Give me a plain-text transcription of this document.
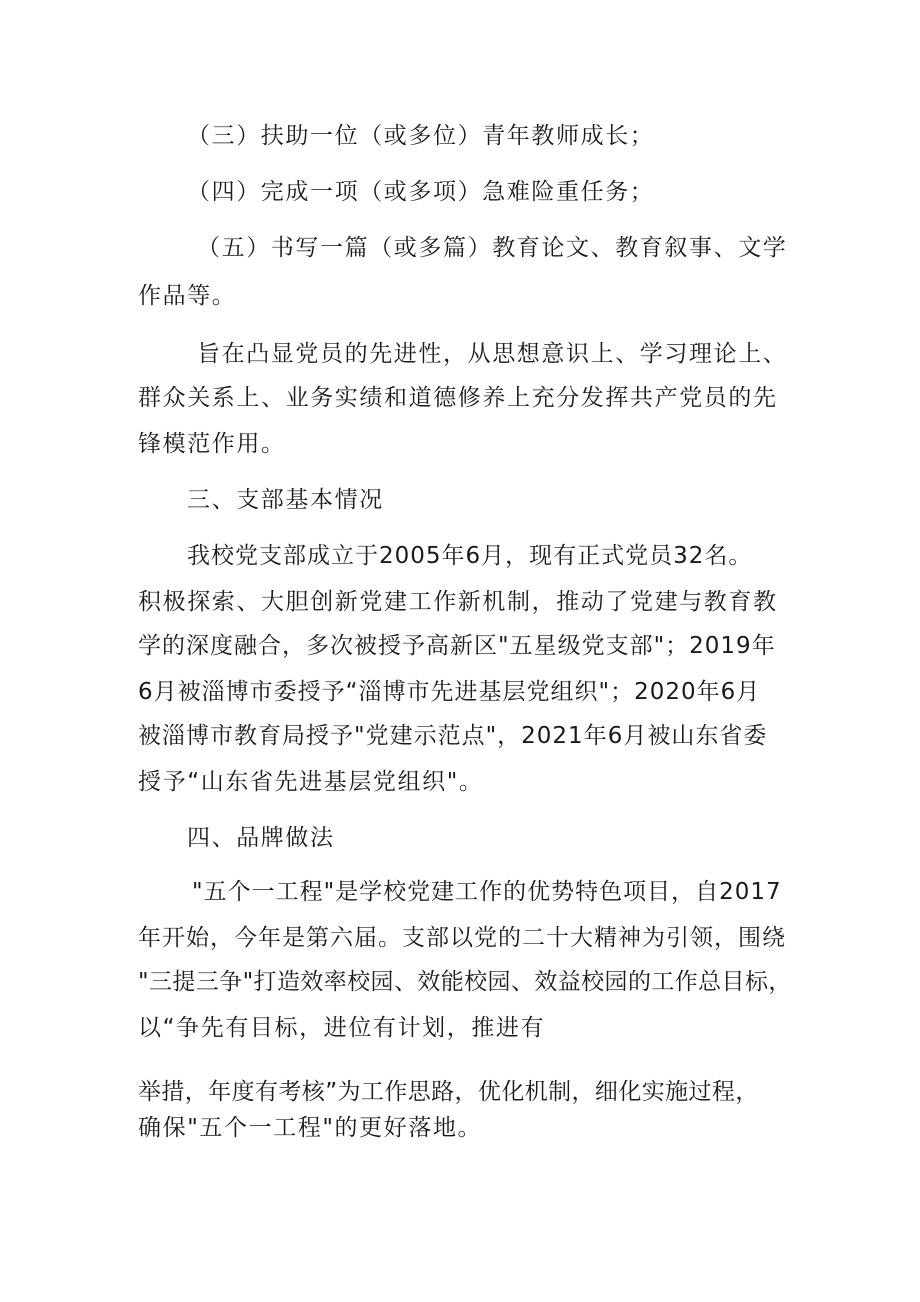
（三）扶助一位（或多位）青年教师成长；
（四）完成一项（或多项）急难险重任务；
（五）书写一篇（或多篇）教育论文、教育叙事、文学
作品等。
旨在凸显党员的先进性，从思想意识上、学习理论上、
群众关系上、业务实绩和道德修养上充分发挥共产党员的先
锋模范作用。
三、支部基本情况
我校党支部成立于2005年6月，现有正式党员32名。
积极探索、大胆创新党建工作新机制，推动了党建与教育教
学的深度融合，多次被授予高新区"五星级党支部"；2019年
6月被淄博市委授予“淄博市先进基层党组织"；2020年6月
被淄博市教育局授予"党建示范点"，2021年6月被山东省委
授予“山东省先进基层党组织"。
四、品牌做法
"五个一工程"是学校党建工作的优势特色项目，自2017
年开始，今年是第六届。支部以党的二十大精神为引领，围绕
"三提三争"打造效率校园、效能校园、效益校园的工作总目标，
以“争先有目标，进位有计划，推进有
举措，年度有考核”为工作思路，优化机制，细化实施过程，
确保"五个一工程"的更好落地。
